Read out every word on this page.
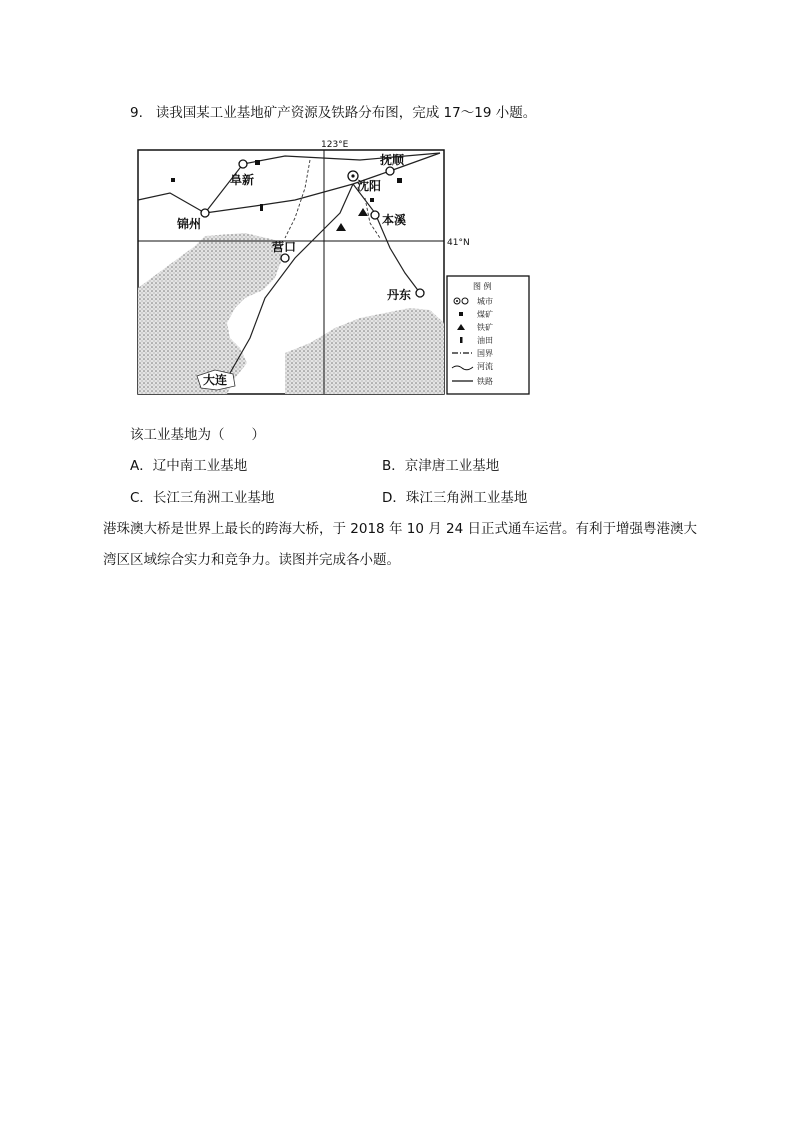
9. 读我国某工业基地矿产资源及铁路分布图，完成 17～19 小题。
123°E
41°N
阜新
抚顺
沈阳
锦州	本溪
营口
丹东
大连
图 例
城市
煤矿
铁矿
油田
国界
河流
铁路
该工业基地为（　　）
A．辽中南工业基地	B．京津唐工业基地
C．长江三角洲工业基地	D．珠江三角洲工业基地
港珠澳大桥是世界上最长的跨海大桥，于 2018 年 10 月 24 日正式通车运营。有利于增强粤港澳大
湾区区域综合实力和竞争力。读图并完成各小题。
